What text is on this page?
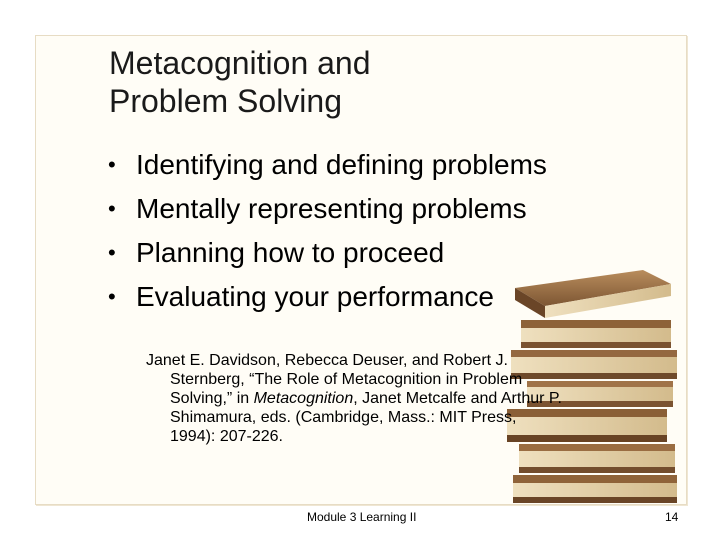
Metacognition and
Problem Solving
• Identifying and defining problems
• Mentally representing problems
• Planning how to proceed
• Evaluating your performance
Janet E. Davidson, Rebecca Deuser, and Robert J.
Sternberg, “The Role of Metacognition in Problem
Solving,” in Metacognition, Janet Metcalfe and Arthur P.
Shimamura, eds. (Cambridge, Mass.: MIT Press,
1994): 207-226.
Module 3 Learning II	14
